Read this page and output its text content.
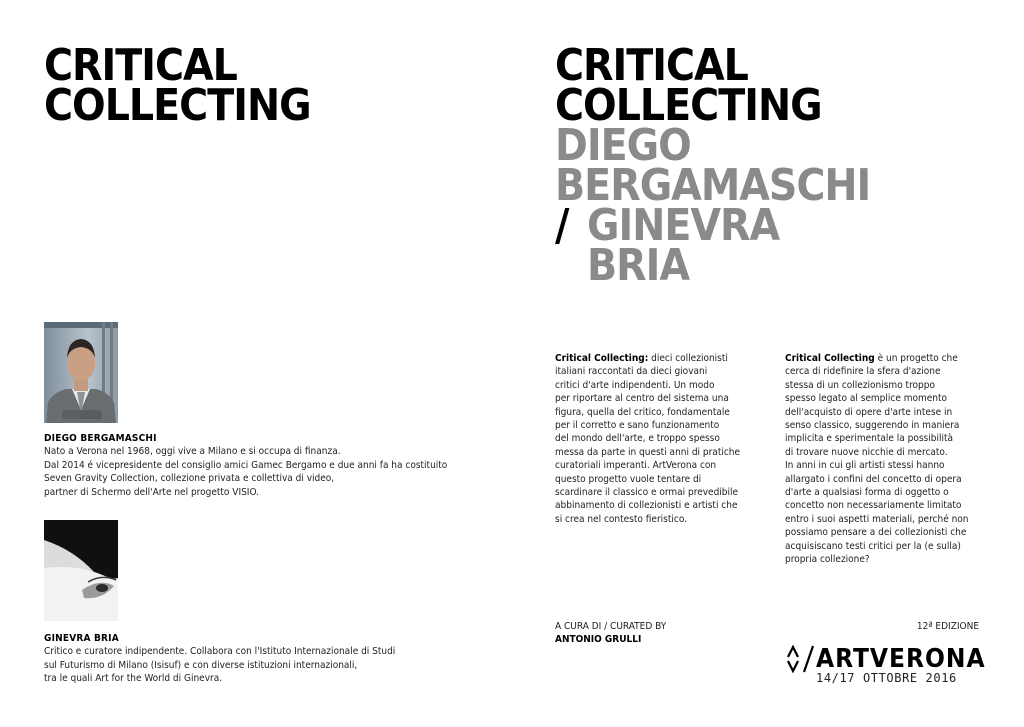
CRITICAL
COLLECTING
DIEGO BERGAMASCHI
Nato a Verona nel 1968, oggi vive a Milano e si occupa di finanza.
Dal 2014 é vicepresidente del consiglio amici Gamec Bergamo e due anni fa ha costituito
Seven Gravity Collection, collezione privata e collettiva di video,
partner di Schermo dell'Arte nel progetto VISIO.
GINEVRA BRIA
Critico e curatore indipendente. Collabora con l'Istituto Internazionale di Studi
sul Futurismo di Milano (Isisuf) e con diverse istituzioni internazionali,
tra le quali Art for the World di Ginevra.
CRITICAL
COLLECTING
DIEGO
BERGAMASCHI
/ GINEVRA
BRIA
Critical Collecting: dieci collezionisti
italiani raccontati da dieci giovani
critici d'arte indipendenti. Un modo
per riportare al centro del sistema una
figura, quella del critico, fondamentale
per il corretto e sano funzionamento
del mondo dell'arte, e troppo spesso
messa da parte in questi anni di pratiche
curatoriali imperanti. ArtVerona con
questo progetto vuole tentare di
scardinare il classico e ormai prevedibile
abbinamento di collezionisti e artisti che
si crea nel contesto fieristico.
Critical Collecting è un progetto che
cerca di ridefinire la sfera d'azione
stessa di un collezionismo troppo
spesso legato al semplice momento
dell'acquisto di opere d'arte intese in
senso classico, suggerendo in maniera
implicita e sperimentale la possibilità
di trovare nuove nicchie di mercato.
In anni in cui gli artisti stessi hanno
allargato i confini del concetto di opera
d'arte a qualsiasi forma di oggetto o
concetto non necessariamente limitato
entro i suoi aspetti materiali, perché non
possiamo pensare a dei collezionisti che
acquisiscano testi critici per la (e sulla)
propria collezione?
A CURA DI / CURATED BY
ANTONIO GRULLI
12ª EDIZIONE
ARTVERONA
14/17 OTTOBRE 2016
